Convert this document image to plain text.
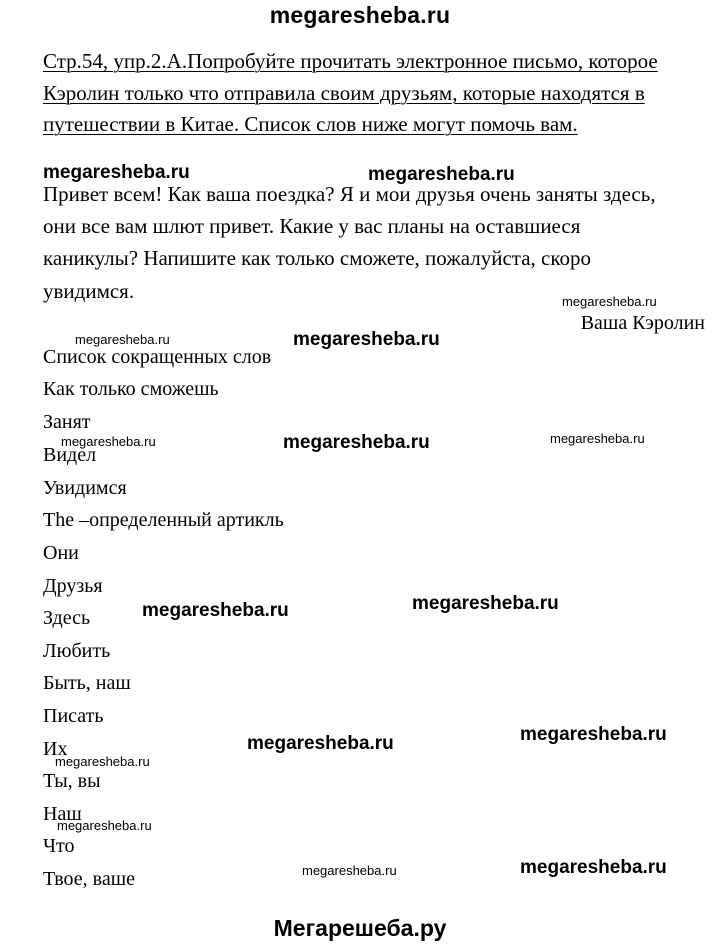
megaresheba.ru
Стр.54, упр.2.А.Попробуйте прочитать электронное письмо, которое
Кэролин только что отправила своим друзьям, которые находятся в
путешествии в Китае. Список слов ниже могут помочь вам.
Привет всем! Как ваша поездка? Я и мои друзья очень заняты здесь,
они все вам шлют привет. Какие у вас планы на оставшиеся
каникулы? Напишите как только сможете, пожалуйста, скоро
увидимся.
Ваша Кэролин
Список сокращенных слов
Как только сможешь
Занят
Видел
Увидимся
The –определенный артикль
Они
Друзья
Здесь
Любить
Быть, наш
Писать
Их
Ты, вы
Наш
Что
Твое, ваше
megaresheba.ru	megaresheba.ru
megaresheba.ru
megaresheba.ru	megaresheba.ru
megaresheba.ru	megaresheba.ru	megaresheba.ru
megaresheba.ru
megaresheba.ru
megaresheba.ru
megaresheba.ru
megaresheba.ru
megaresheba.ru
megaresheba.ru
megaresheba.ru
Мегарешеба.ру
